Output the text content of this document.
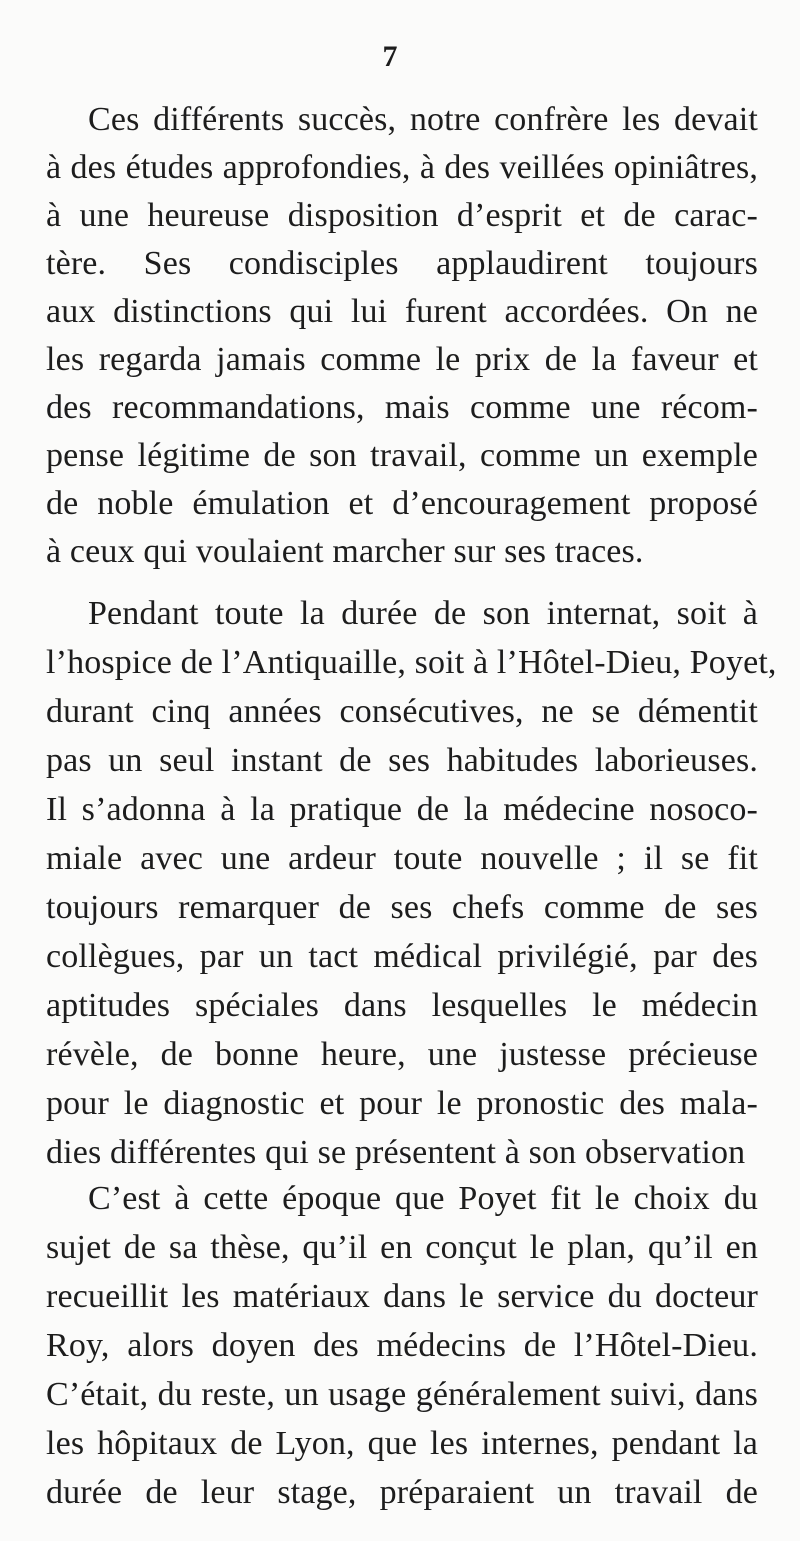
7
Ces différents succès, notre confrère les devait
à des études approfondies, à des veillées opiniâtres,
à une heureuse disposition d’esprit et de carac-
tère. Ses condisciples applaudirent toujours
aux distinctions qui lui furent accordées. On ne
les regarda jamais comme le prix de la faveur et
des recommandations, mais comme une récom-
pense légitime de son travail, comme un exemple
de noble émulation et d’encouragement proposé
à ceux qui voulaient marcher sur ses traces.
Pendant toute la durée de son internat, soit à
l’hospice de l’Antiquaille, soit à l’Hôtel-Dieu, Poyet,
durant cinq années consécutives, ne se démentit
pas un seul instant de ses habitudes laborieuses.
Il s’adonna à la pratique de la médecine nosoco-
miale avec une ardeur toute nouvelle ; il se fit
toujours remarquer de ses chefs comme de ses
collègues, par un tact médical privilégié, par des
aptitudes spéciales dans lesquelles le médecin
révèle, de bonne heure, une justesse précieuse
pour le diagnostic et pour le pronostic des mala-
dies différentes qui se présentent à son observation
C’est à cette époque que Poyet fit le choix du
sujet de sa thèse, qu’il en conçut le plan, qu’il en
recueillit les matériaux dans le service du docteur
Roy, alors doyen des médecins de l’Hôtel-Dieu.
C’était, du reste, un usage généralement suivi, dans
les hôpitaux de Lyon, que les internes, pendant la
durée de leur stage, préparaient un travail de
